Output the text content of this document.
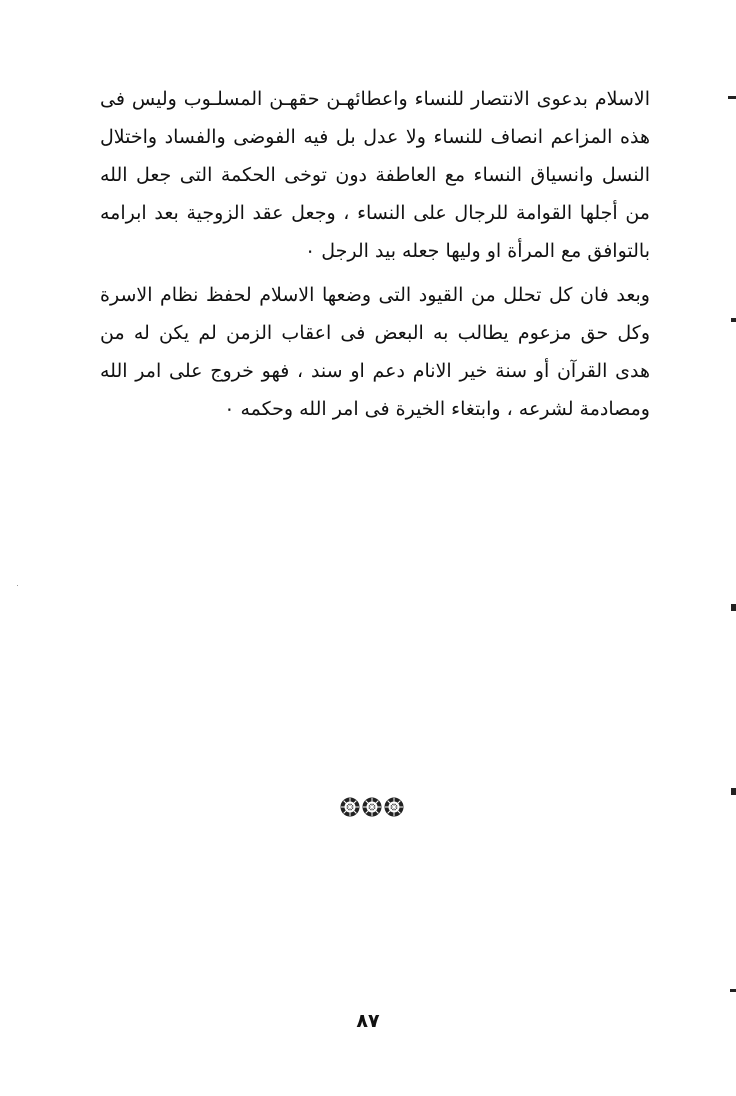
الاسلام بدعوى الانتصار للنساء واعطائهـن حقهـن المسلـوب وليس فى هذه المزاعم انصاف للنساء ولا عدل بل فيه الفوضى والفساد واختلال النسل وانسياق النساء مع العاطفة دون توخى الحكمة التى جعل الله من أجلها القوامة للرجال على النساء ، وجعل عقد الزوجية بعد ابرامه بالتوافق مع المرأة او وليها جعله بيد الرجل ٠

وبعد فان كل تحلل من القيود التى وضعها الاسلام لحفظ نظام الاسرة وكل حق مزعوم يطالب به البعض فى اعقاب الزمن لم يكن له من هدى القرآن أو سنة خير الانام دعم او سند ، فهو خروج على امر الله ومصادمة لشرعه ، وابتغاء الخيرة فى امر الله وحكمه ٠

٨٧
